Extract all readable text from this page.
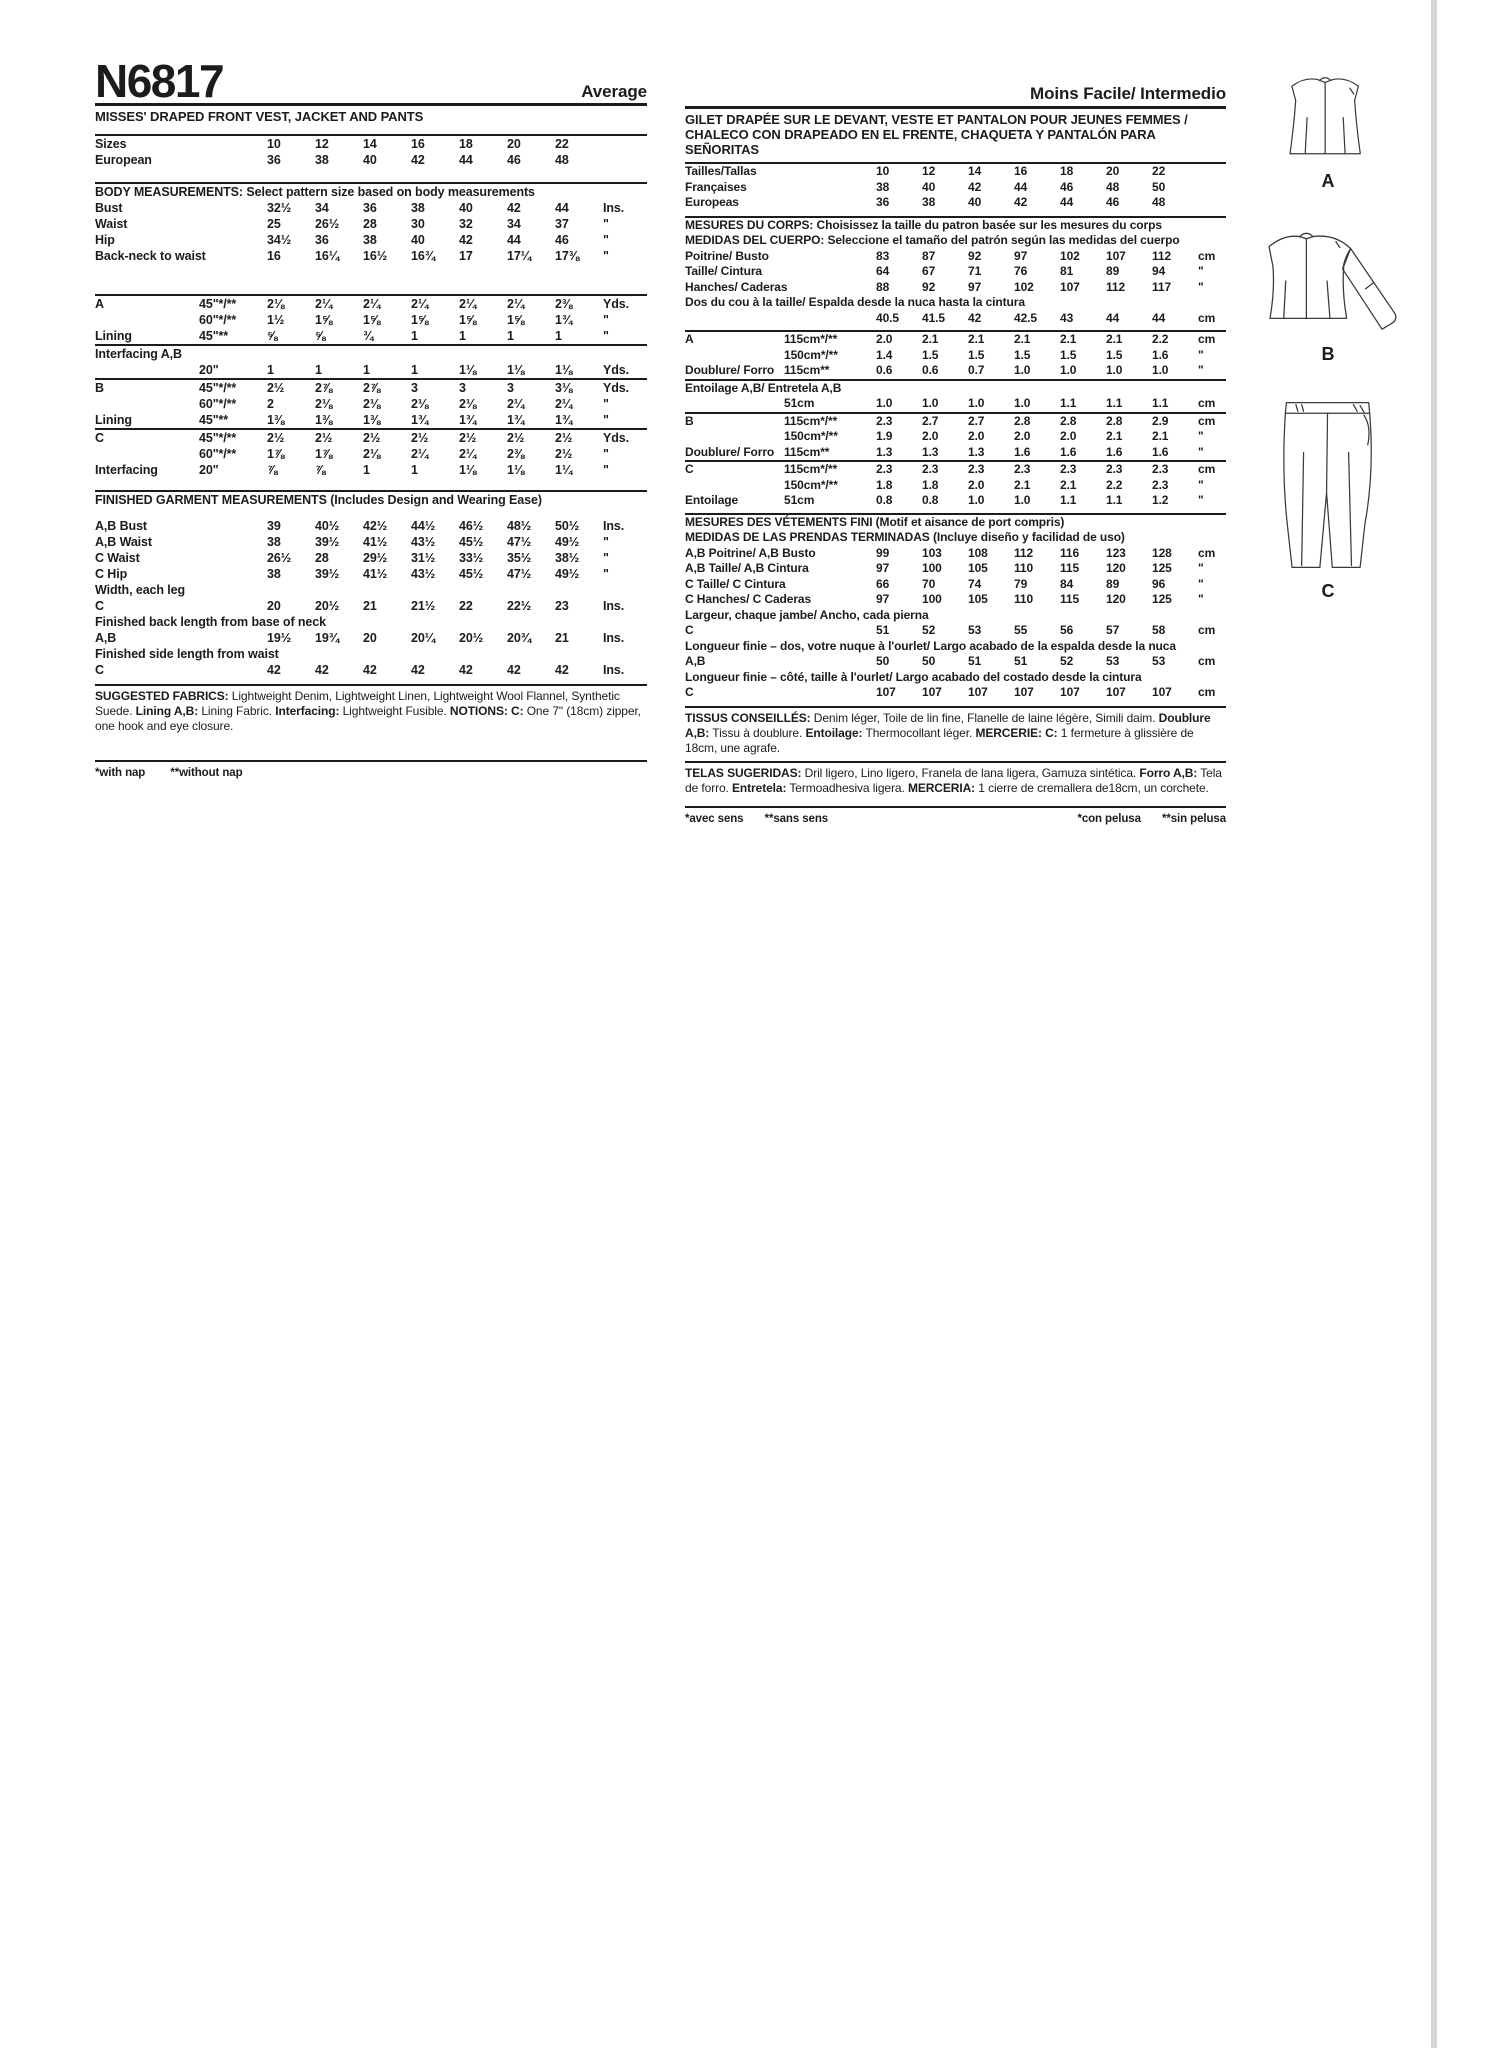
N6817	Average
MISSES' DRAPED FRONT VEST, JACKET AND PANTS
Sizes		10	12	14	16	18	20	22	
European		36	38	40	42	44	46	48	
BODY MEASUREMENTS: Select pattern size based on body measurements									
Bust		32½	34	36	38	40	42	44	Ins.
Waist		25	26½	28	30	32	34	37	"
Hip		34½	36	38	40	42	44	46	"
Back-neck to waist		16	16¼	16½	16¾	17	17¼	17⅜	"
A	45"*/**	2⅛	2¼	2¼	2¼	2¼	2¼	2⅜	Yds.
	60"*/**	1½	1⅝	1⅝	1⅝	1⅝	1⅝	1¾	"
Lining	45"**	⅝	⅝	¾	1	1	1	1	"
Interfacing A,B									
	20"	1	1	1	1	1⅛	1⅛	1⅛	Yds.
B	45"*/**	2½	2⅞	2⅞	3	3	3	3⅛	Yds.
	60"*/**	2	2⅛	2⅛	2⅛	2⅛	2¼	2¼	"
Lining	45"**	1⅜	1⅜	1⅜	1¾	1¾	1¾	1¾	"
C	45"*/**	2½	2½	2½	2½	2½	2½	2½	Yds.
	60"*/**	1⅞	1⅞	2⅛	2¼	2¼	2⅜	2½	"
Interfacing	20"	⅞	⅞	1	1	1⅛	1⅛	1¼	"
FINISHED GARMENT MEASUREMENTS (Includes Design and Wearing Ease)									

A,B Bust		39	40½	42½	44½	46½	48½	50½	Ins.
A,B Waist		38	39½	41½	43½	45½	47½	49½	"
C Waist		26½	28	29½	31½	33½	35½	38½	"
C Hip		38	39½	41½	43½	45½	47½	49½	"
Width, each leg									
C		20	20½	21	21½	22	22½	23	Ins.
Finished back length from base of neck									
A,B		19½	19¾	20	20¼	20½	20¾	21	Ins.
Finished side length from waist									
C		42	42	42	42	42	42	42	Ins.
SUGGESTED FABRICS: Lightweight Denim, Lightweight Linen, Lightweight Wool Flannel, Synthetic Suede. Lining A,B: Lining Fabric. Interfacing: Lightweight Fusible. NOTIONS: C: One 7" (18cm) zipper, one hook and eye closure.
*with nap **without nap
Moins Facile/ Intermedio
GILET DRAPÉE SUR LE DEVANT, VESTE ET PANTALON POUR JEUNES FEMMES /
CHALECO CON DRAPEADO EN EL FRENTE, CHAQUETA Y PANTALÓN PARA SEÑORITAS
Tailles/Tallas		10	12	14	16	18	20	22	
Françaises		38	40	42	44	46	48	50	
Europeas		36	38	40	42	44	46	48	
MESURES DU CORPS: Choisissez la taille du patron basée sur les mesures du corps									
MEDIDAS DEL CUERPO: Seleccione el tamaño del patrón según las medidas del cuerpo									
Poitrine/ Busto		83	87	92	97	102	107	112	cm
Taille/ Cintura		64	67	71	76	81	89	94	"
Hanches/ Caderas		88	92	97	102	107	112	117	"
Dos du cou à la taille/ Espalda desde la nuca hasta la cintura									
		40.5	41.5	42	42.5	43	44	44	cm
A	115cm*/**	2.0	2.1	2.1	2.1	2.1	2.1	2.2	cm
	150cm*/**	1.4	1.5	1.5	1.5	1.5	1.5	1.6	"
Doublure/ Forro	115cm**	0.6	0.6	0.7	1.0	1.0	1.0	1.0	"
Entoilage A,B/ Entretela A,B									
	51cm	1.0	1.0	1.0	1.0	1.1	1.1	1.1	cm
B	115cm*/**	2.3	2.7	2.7	2.8	2.8	2.8	2.9	cm
	150cm*/**	1.9	2.0	2.0	2.0	2.0	2.1	2.1	"
Doublure/ Forro	115cm**	1.3	1.3	1.3	1.6	1.6	1.6	1.6	"
C	115cm*/**	2.3	2.3	2.3	2.3	2.3	2.3	2.3	cm
	150cm*/**	1.8	1.8	2.0	2.1	2.1	2.2	2.3	"
Entoilage	51cm	0.8	0.8	1.0	1.0	1.1	1.1	1.2	"
MESURES DES VÉTEMENTS FINI (Motif et aisance de port compris)									
MEDIDAS DE LAS PRENDAS TERMINADAS (Incluye diseño y facilidad de uso)									
A,B Poitrine/ A,B Busto		99	103	108	112	116	123	128	cm
A,B Taille/ A,B Cintura		97	100	105	110	115	120	125	"
C Taille/ C Cintura		66	70	74	79	84	89	96	"
C Hanches/ C Caderas		97	100	105	110	115	120	125	"
Largeur, chaque jambe/ Ancho, cada pierna									
C		51	52	53	55	56	57	58	cm
Longueur finie – dos, votre nuque à l'ourlet/ Largo acabado de la espalda desde la nuca									
A,B		50	50	51	51	52	53	53	cm
Longueur finie – côté, taille à l'ourlet/ Largo acabado del costado desde la cintura									
C		107	107	107	107	107	107	107	cm
TISSUS CONSEILLÉS: Denim léger, Toile de lin fine, Flanelle de laine légère, Simili daim. Doublure A,B: Tissu à doublure. Entoilage: Thermocollant léger. MERCERIE: C: 1 fermeture à glissière de 18cm, une agrafe.
TELAS SUGERIDAS: Dril ligero, Lino ligero, Franela de lana ligera, Gamuza sintética. Forro A,B: Tela de forro. Entretela: Termoadhesiva ligera. MERCERIA: 1 cierre de cremallera de18cm, un corchete.
*avec sens **sans sens	*con pelusa **sin pelusa
A
B
C
